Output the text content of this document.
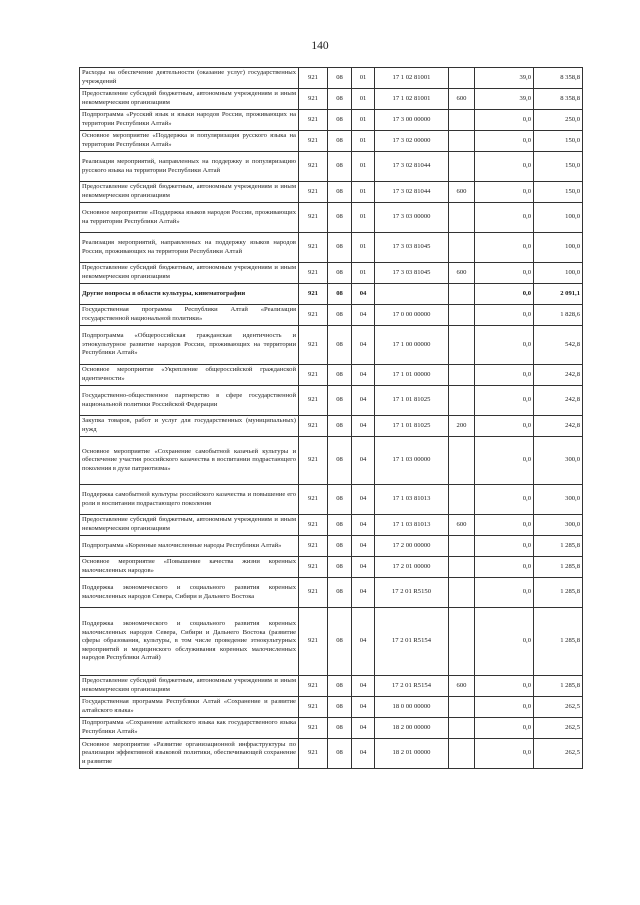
140
Расходы на обеспечение деятельности (оказание услуг) государственных учреждений	921	08	01	17 1 02 81001		39,0	8 358,8
Предоставление субсидий бюджетным, автономным учреждениям и иным некоммерческим организациям	921	08	01	17 1 02 81001	600	39,0	8 358,8
Подпрограмма «Русский язык и языки народов России, проживающих на территории Республики Алтай»	921	08	01	17 3 00 00000		0,0	250,0
Основное мероприятие «Поддержка и популяризация русского языка на территории Республики Алтай»	921	08	01	17 3 02 00000		0,0	150,0
Реализация мероприятий, направленных на поддержку и популяризацию русского языка на территории Республики Алтай	921	08	01	17 3 02 81044		0,0	150,0
Предоставление субсидий бюджетным, автономным учреждениям и иным некоммерческим организациям	921	08	01	17 3 02 81044	600	0,0	150,0
Основное мероприятие «Поддержка языков народов России, проживающих на территории Республики Алтай»	921	08	01	17 3 03 00000		0,0	100,0
Реализация мероприятий, направленных на поддержку языков народов России, проживающих на территории Республики Алтай	921	08	01	17 3 03 81045		0,0	100,0
Предоставление субсидий бюджетным, автономным учреждениям и иным некоммерческим организациям	921	08	01	17 3 03 81045	600	0,0	100,0
Другие вопросы в области культуры, кинематографии	921	08	04			0,0	2 091,1
Государственная программа Республики Алтай «Реализация государственной национальной политики»	921	08	04	17 0 00 00000		0,0	1 828,6
Подпрограмма «Общероссийская гражданская идентичность и этнокультурное развитие народов России, проживающих на территории Республики Алтай»	921	08	04	17 1 00 00000		0,0	542,8
Основное мероприятие «Укрепление общероссийской гражданской идентичности»	921	08	04	17 1 01 00000		0,0	242,8
Государственно-общественное партнерство в сфере государственной национальной политики Российской Федерации	921	08	04	17 1 01 81025		0,0	242,8
Закупка товаров, работ и услуг для государственных (муниципальных) нужд	921	08	04	17 1 01 81025	200	0,0	242,8
Основное мероприятие «Сохранение самобытной казачьей культуры и обеспечение участия российского казачества в воспитании подрастающего поколения в духе патриотизма»	921	08	04	17 1 03 00000		0,0	300,0
Поддержка самобытной культуры российского казачества и повышение его роли в воспитании подрастающего поколения	921	08	04	17 1 03 81013		0,0	300,0
Предоставление субсидий бюджетным, автономным учреждениям и иным некоммерческим организациям	921	08	04	17 1 03 81013	600	0,0	300,0
Подпрограмма «Коренные малочисленные народы Республики Алтай»	921	08	04	17 2 00 00000		0,0	1 285,8
Основное мероприятие «Повышение качества жизни коренных малочисленных народов»	921	08	04	17 2 01 00000		0,0	1 285,8
Поддержка экономического и социального развития коренных малочисленных народов Севера, Сибири и Дальнего Востока	921	08	04	17 2 01 R5150		0,0	1 285,8
Поддержка экономического и социального развития коренных малочисленных народов Севера, Сибири и Дальнего Востока (развитие сферы образования, культуры, в том числе проведение этнокультурных мероприятий и медицинского обслуживания коренных малочисленных народов Республики Алтай)	921	08	04	17 2 01 R5154		0,0	1 285,8
Предоставление субсидий бюджетным, автономным учреждениям и иным некоммерческим организациям	921	08	04	17 2 01 R5154	600	0,0	1 285,8
Государственная программа Республики Алтай «Сохранение и развитие алтайского языка»	921	08	04	18 0 00 00000		0,0	262,5
Подпрограмма «Сохранение алтайского языка как государственного языка Республики Алтай»	921	08	04	18 2 00 00000		0,0	262,5
Основное мероприятие «Развитие организационной инфраструктуры по реализации эффективной языковой политики, обеспечивающей сохранение и развитие	921	08	04	18 2 01 00000		0,0	262,5
